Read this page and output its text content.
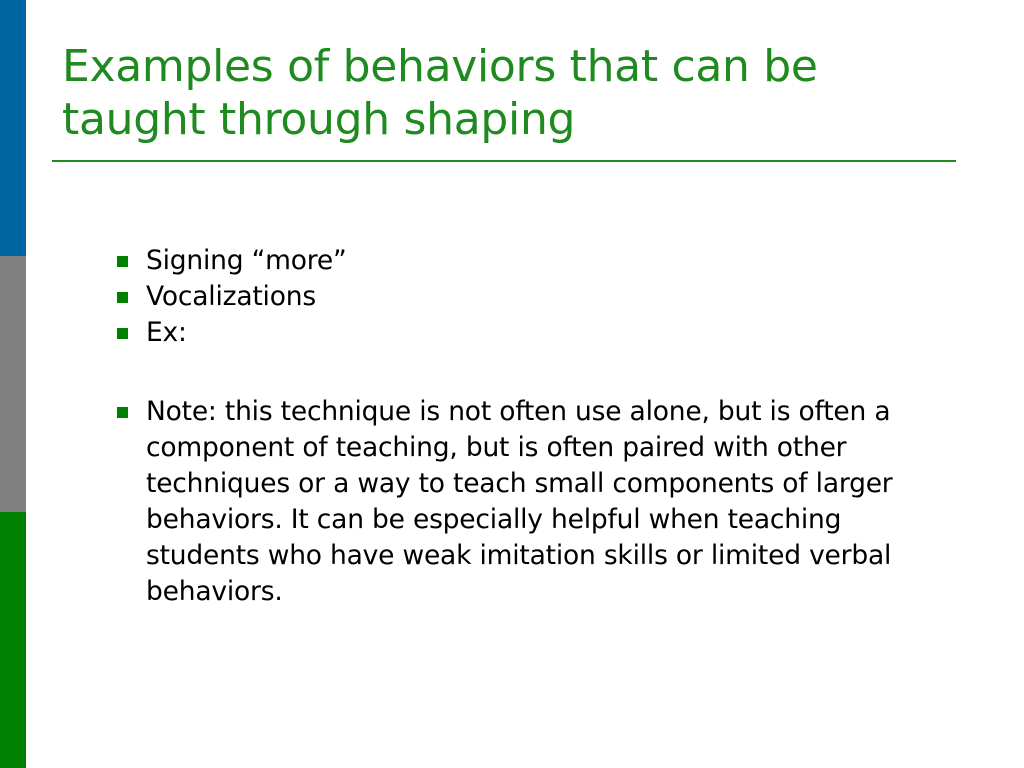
Examples of behaviors that can be taught through shaping
Signing “more”
Vocalizations
Ex:
Note: this technique is not often use alone, but is often a component of teaching, but is often paired with other techniques or a way to teach small components of larger behaviors. It can be especially helpful when teaching students who have weak imitation skills or limited verbal behaviors.
